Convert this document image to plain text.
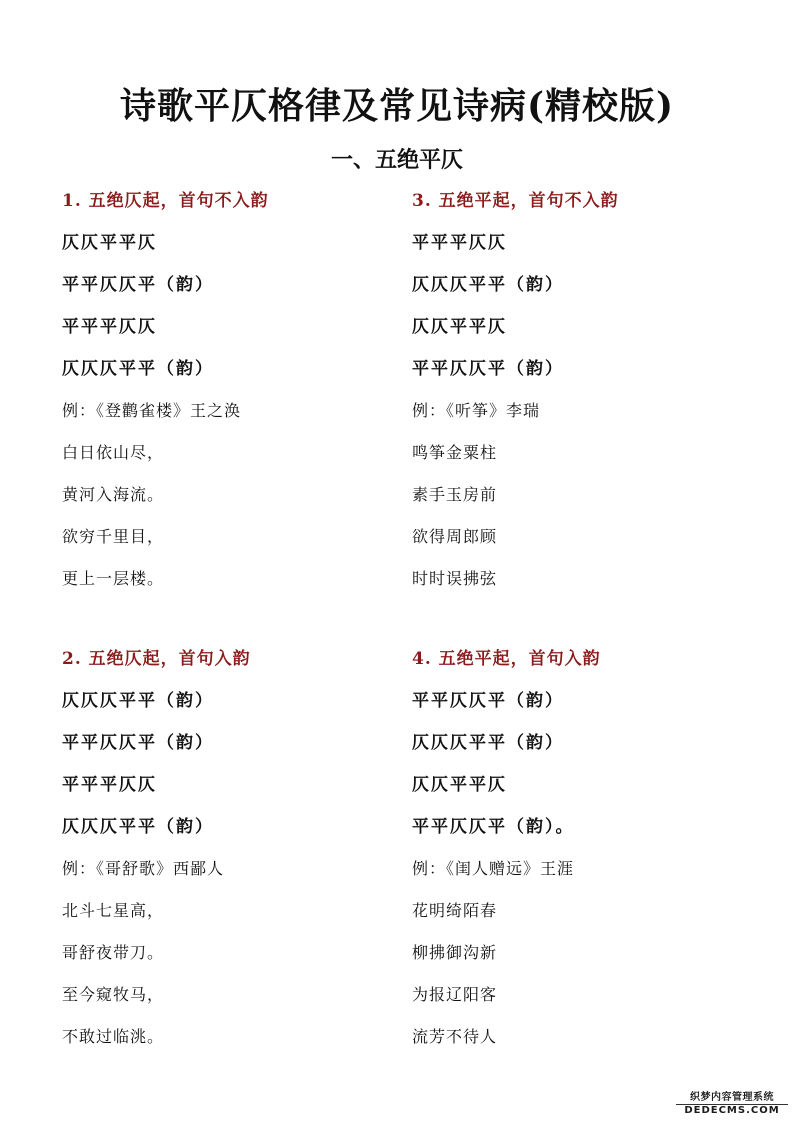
诗歌平仄格律及常见诗病(精校版)
一、五绝平仄
1. 五绝仄起，首句不入韵
仄仄平平仄
平平仄仄平（韵）
平平平仄仄
仄仄仄平平（韵）
例：《登鹳雀楼》王之涣
白日依山尽，
黄河入海流。
欲穷千里目，
更上一层楼。
3. 五绝平起，首句不入韵
平平平仄仄
仄仄仄平平（韵）
仄仄平平仄
平平仄仄平（韵）
例：《听筝》李瑞
鸣筝金粟柱
素手玉房前
欲得周郎顾
时时误拂弦
2. 五绝仄起，首句入韵
仄仄仄平平（韵）
平平仄仄平（韵）
平平平仄仄
仄仄仄平平（韵）
例：《哥舒歌》西鄙人
北斗七星高，
哥舒夜带刀。
至今窥牧马，
不敢过临洮。
4. 五绝平起，首句入韵
平平仄仄平（韵）
仄仄仄平平（韵）
仄仄平平仄
平平仄仄平（韵）。
例：《闺人赠远》王涯
花明绮陌春
柳拂御沟新
为报辽阳客
流芳不待人
织梦内容管理系统
DEDECMS.COM
